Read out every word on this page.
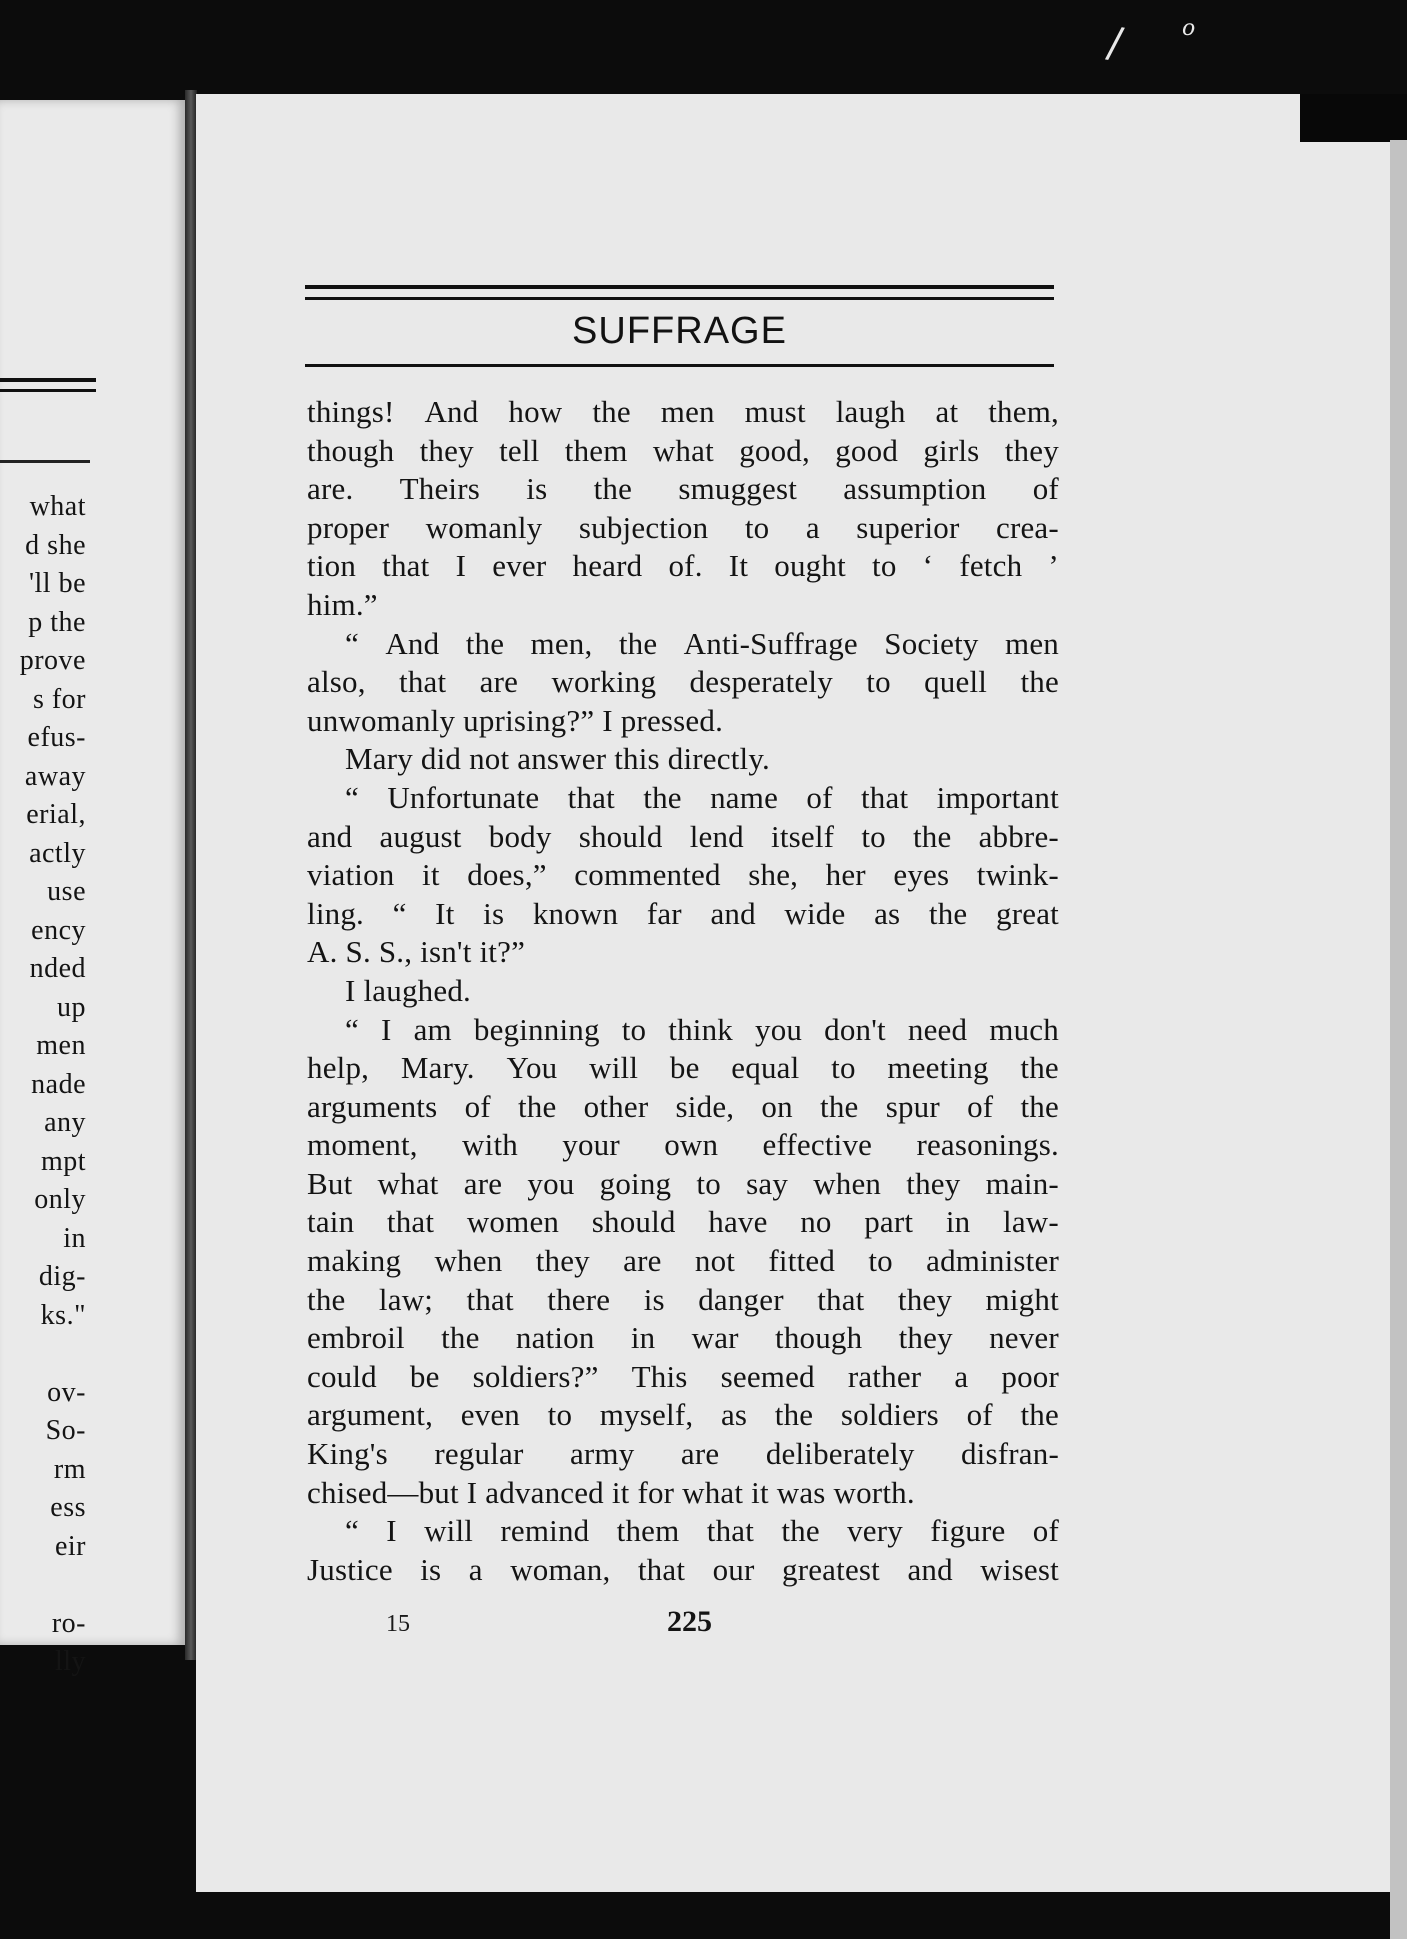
what
d she
'll be
p the
prove
s for
efus-
away
erial,
actly
use
ency
nded
up
men
nade
any
mpt
only
in
dig-
ks."
ov-
So-
rm
ess
eir
ro-
lly
/	o
SUFFRAGE
things! And how the men must laugh at them,
though they tell them what good, good girls they
are. Theirs is the smuggest assumption of
proper womanly subjection to a superior crea-
tion that I ever heard of. It ought to ‘ fetch ’
him.”
“ And the men, the Anti-Suffrage Society men
also, that are working desperately to quell the
unwomanly uprising?” I pressed.
Mary did not answer this directly.
“ Unfortunate that the name of that important
and august body should lend itself to the abbre-
viation it does,” commented she, her eyes twink-
ling. “ It is known far and wide as the great
A. S. S., isn't it?”
I laughed.
“ I am beginning to think you don't need much
help, Mary. You will be equal to meeting the
arguments of the other side, on the spur of the
moment, with your own effective reasonings.
But what are you going to say when they main-
tain that women should have no part in law-
making when they are not fitted to administer
the law; that there is danger that they might
embroil the nation in war though they never
could be soldiers?” This seemed rather a poor
argument, even to myself, as the soldiers of the
King's regular army are deliberately disfran-
chised—but I advanced it for what it was worth.
“ I will remind them that the very figure of
Justice is a woman, that our greatest and wisest
15	225
